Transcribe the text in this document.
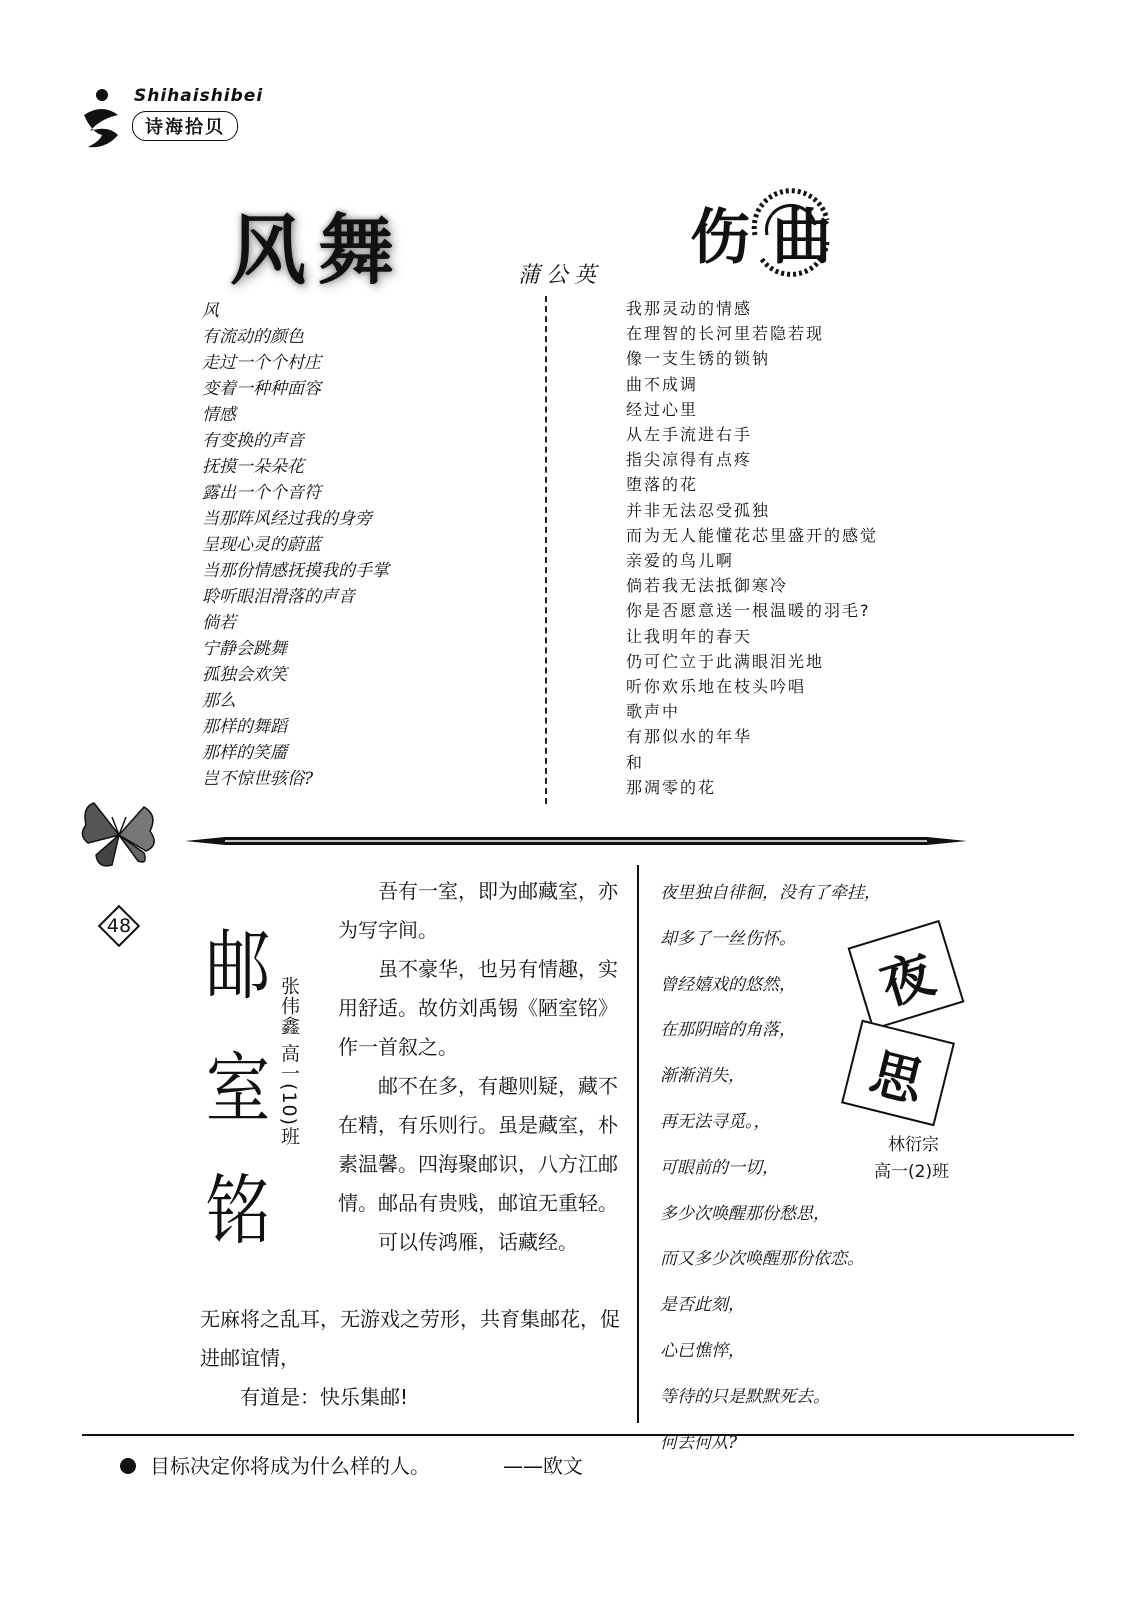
Shihaishibei
诗海拾贝
风舞	蒲公英
伤曲
风
有流动的颜色
走过一个个村庄
变着一种种面容
情感
有变换的声音
抚摸一朵朵花
露出一个个音符
当那阵风经过我的身旁
呈现心灵的蔚蓝
当那份情感抚摸我的手掌
聆听眼泪滑落的声音
倘若
宁静会跳舞
孤独会欢笑
那么
那样的舞蹈
那样的笑靥
岂不惊世骇俗?
我那灵动的情感
在理智的长河里若隐若现
像一支生锈的锁钠
曲不成调
经过心里
从左手流进右手
指尖凉得有点疼
堕落的花
并非无法忍受孤独
而为无人能懂花芯里盛开的感觉
亲爱的鸟儿啊
倘若我无法抵御寒冷
你是否愿意送一根温暖的羽毛?
让我明年的春天
仍可伫立于此满眼泪光地
听你欢乐地在枝头吟唱
歌声中
有那似水的年华
和
那凋零的花
48 邮
室
铭
张伟鑫 高一(10)班

吾有一室，即为邮藏室，亦为写字间。

虽不豪华，也另有情趣，实用舒适。故仿刘禹锡《陋室铭》作一首叙之。

邮不在多，有趣则疑，藏不在精，有乐则行。虽是藏室，朴素温馨。四海聚邮识，八方江邮情。邮品有贵贱，邮谊无重轻。

可以传鸿雁，话藏经。

无麻将之乱耳，无游戏之劳形，共育集邮花，促进邮谊情，

有道是：快乐集邮!

夜里独自徘徊，没有了牵挂，
却多了一丝伤怀。
曾经嬉戏的悠然，
在那阴暗的角落，
渐渐消失，
再无法寻觅。，
可眼前的一切，
多少次唤醒那份愁思，
而又多少次唤醒那份依恋。
是否此刻，
心已憔悴，
等待的只是默默死去。
何去何从?
夜
思
林衍宗
高一(2)班
目标决定你将成为什么样的人。	——欧文
